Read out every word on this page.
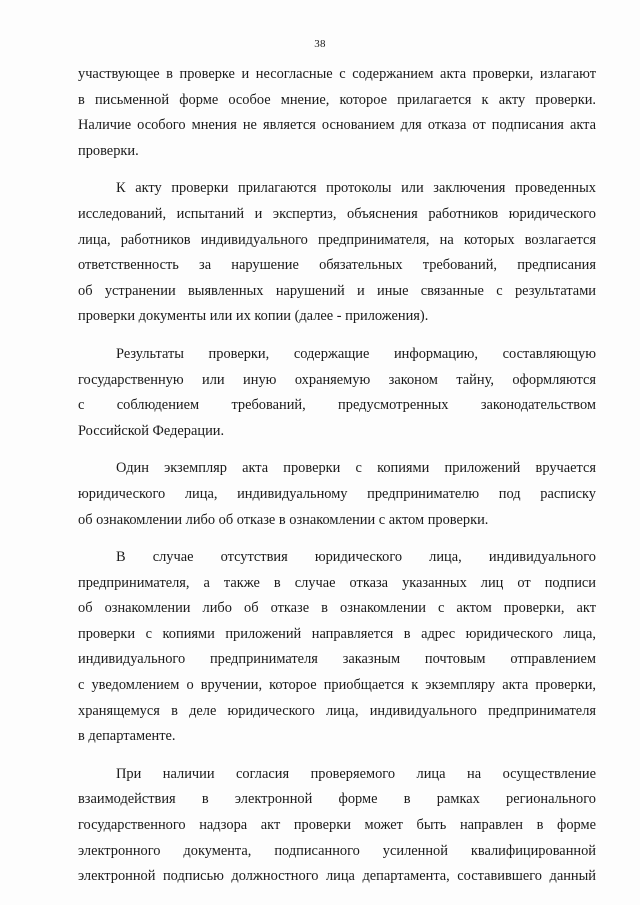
38

участвующее в проверке и несогласные с содержанием акта проверки, излагают
в письменной форме особое мнение, которое прилагается к акту проверки.
Наличие особого мнения не является основанием для отказа от подписания акта
проверки.

К акту проверки прилагаются протоколы или заключения проведенных
исследований, испытаний и экспертиз, объяснения работников юридического
лица, работников индивидуального предпринимателя, на которых возлагается
ответственность за нарушение обязательных требований, предписания
об устранении выявленных нарушений и иные связанные с результатами
проверки документы или их копии (далее - приложения).

Результаты проверки, содержащие информацию, составляющую
государственную или иную охраняемую законом тайну, оформляются
с соблюдением требований, предусмотренных законодательством
Российской Федерации.

Один экземпляр акта проверки с копиями приложений вручается
юридического лица, индивидуальному предпринимателю под расписку
об ознакомлении либо об отказе в ознакомлении с актом проверки.

В случае отсутствия юридического лица, индивидуального
предпринимателя, а также в случае отказа указанных лиц от подписи
об ознакомлении либо об отказе в ознакомлении с актом проверки, акт
проверки с копиями приложений направляется в адрес юридического лица,
индивидуального предпринимателя заказным почтовым отправлением
с уведомлением о вручении, которое приобщается к экземпляру акта проверки,
хранящемуся в деле юридического лица, индивидуального предпринимателя
в департаменте.

При наличии согласия проверяемого лица на осуществление
взаимодействия в электронной форме в рамках регионального
государственного надзора акт проверки может быть направлен в форме
электронного документа, подписанного усиленной квалифицированной
электронной подписью должностного лица департамента, составившего данный
